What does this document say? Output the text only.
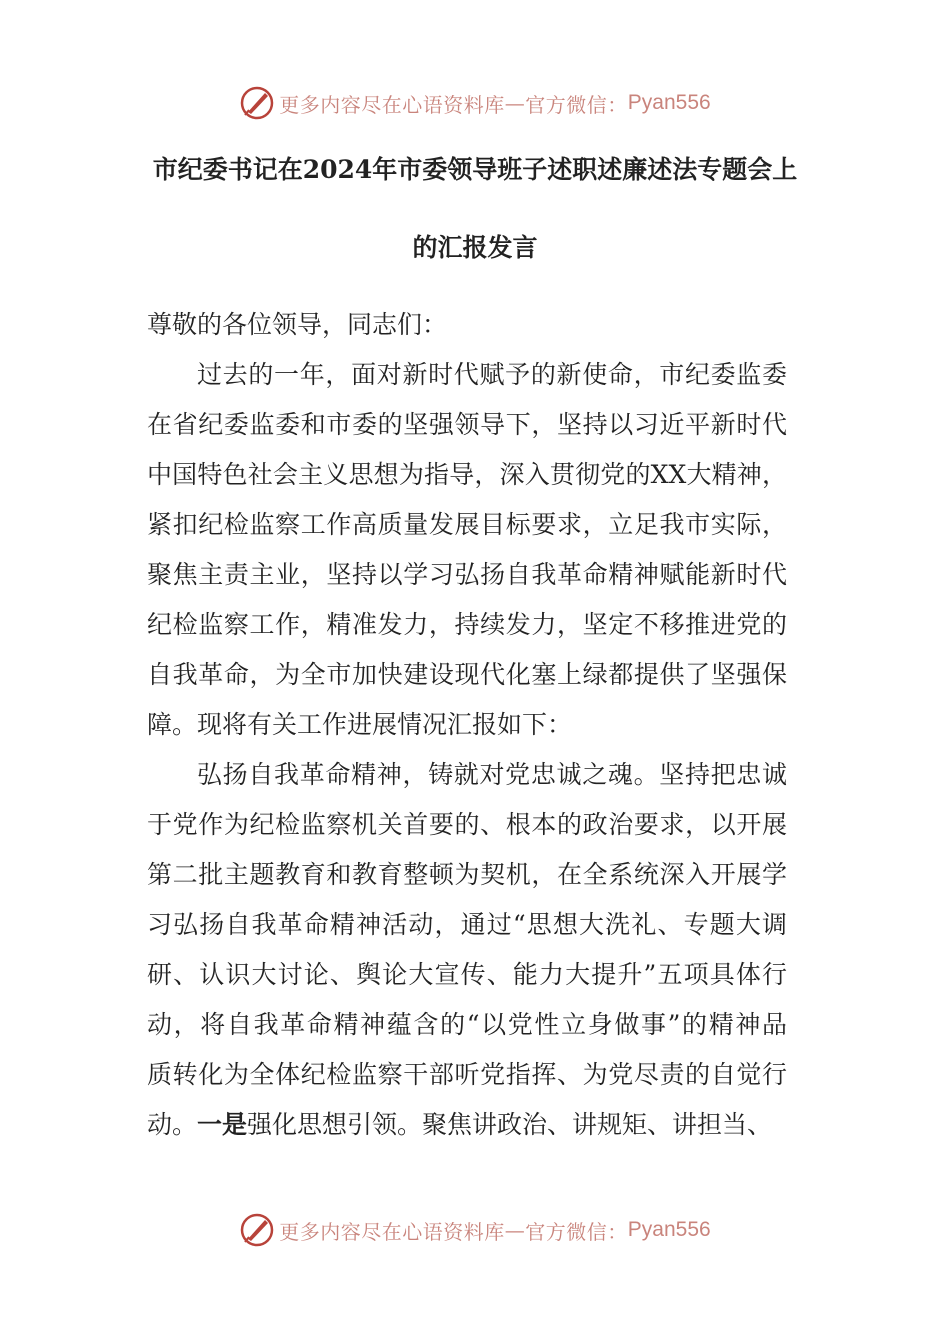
更多内容尽在心语资料库 — 官方微信： Pyan556
市纪委书记在2024年市委领导班子述职述廉述法专题会上
的汇报发言
尊敬的各位领导，同志们：
过去的一年，面对新时代赋予的新使命，市纪委监委
在省纪委监委和市委的坚强领导下，坚持以习近平新时代
中国特色社会主义思想为指导，深入贯彻党的XX大精神，
紧扣纪检监察工作高质量发展目标要求，立足我市实际，
聚焦主责主业，坚持以学习弘扬自我革命精神赋能新时代
纪检监察工作，精准发力，持续发力，坚定不移推进党的
自我革命，为全市加快建设现代化塞上绿都提供了坚强保
障。现将有关工作进展情况汇报如下：
弘扬自我革命精神，铸就对党忠诚之魂。坚持把忠诚
于党作为纪检监察机关首要的、根本的政治要求，以开展
第二批主题教育和教育整顿为契机，在全系统深入开展学
习弘扬自我革命精神活动，通过“思想大洗礼、专题大调
研、认识大讨论、舆论大宣传、能力大提升”五项具体行
动，将自我革命精神蕴含的“以党性立身做事”的精神品
质转化为全体纪检监察干部听党指挥、为党尽责的自觉行
动。一是强化思想引领。聚焦讲政治、讲规矩、讲担当、
更多内容尽在心语资料库 — 官方微信： Pyan556
